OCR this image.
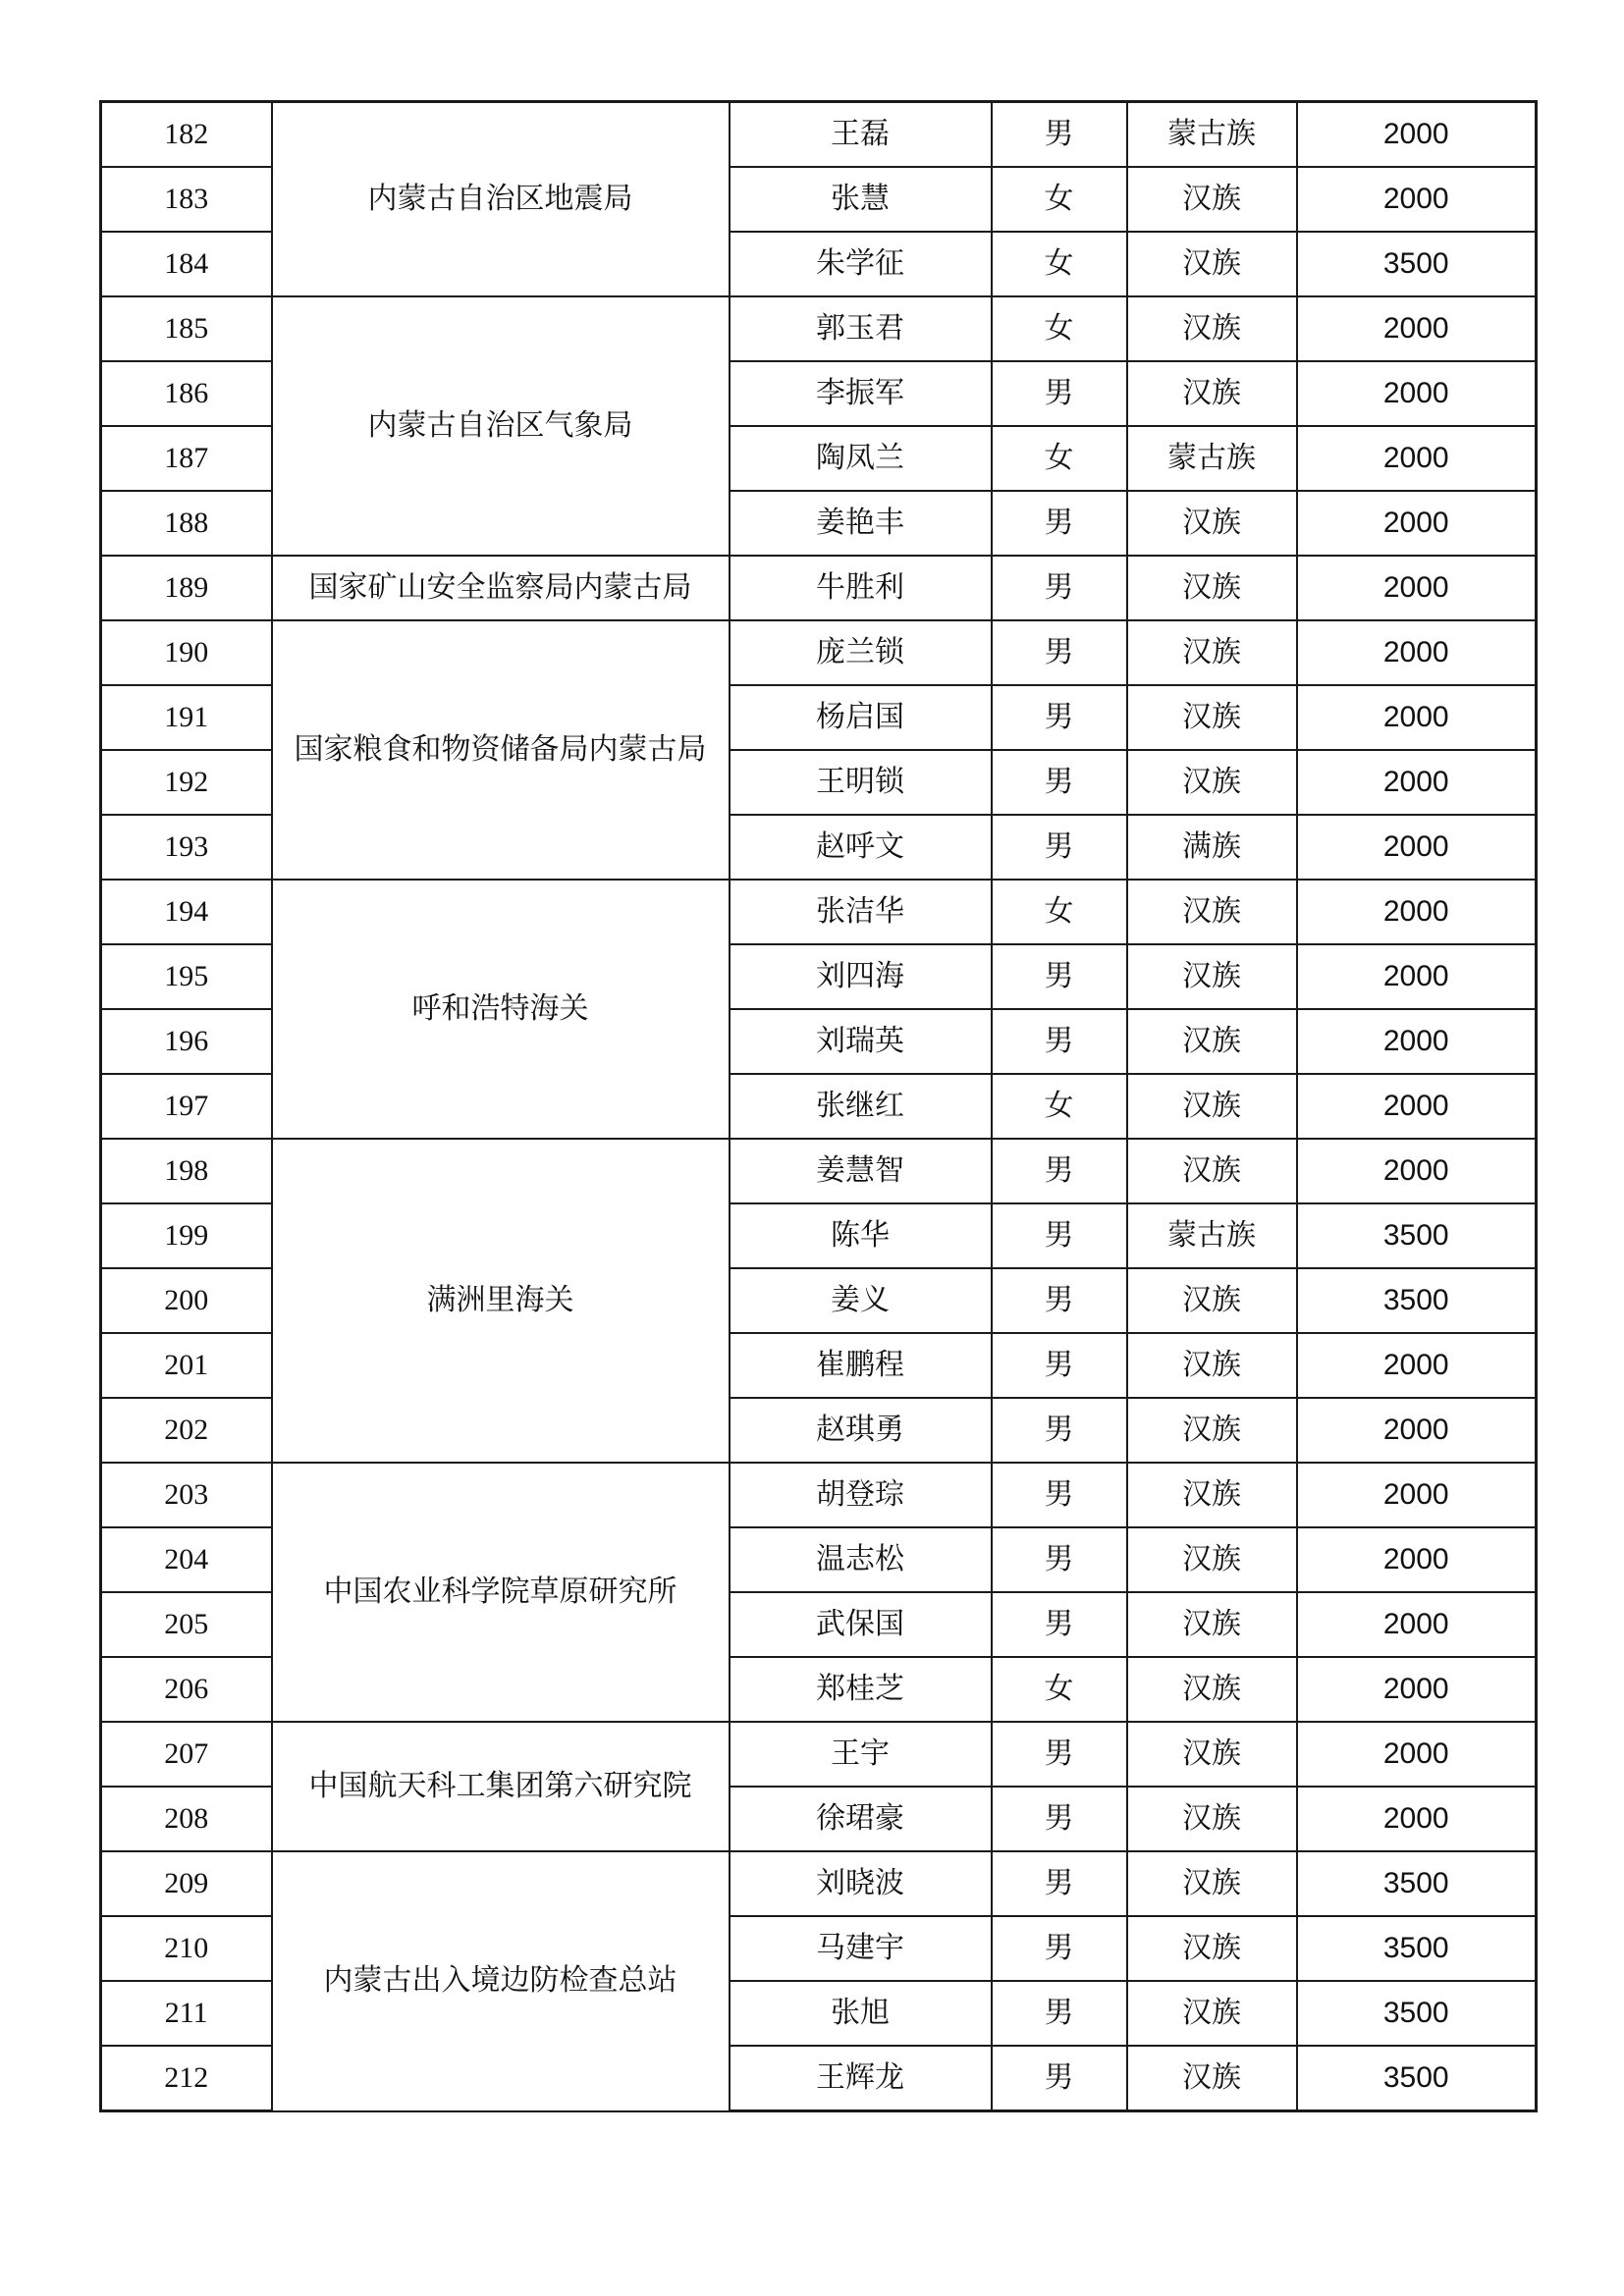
182	内蒙古自治区地震局	王磊	男	蒙古族	2000
183		张慧	女	汉族	2000
184		朱学征	女	汉族	3500
185	内蒙古自治区气象局	郭玉君	女	汉族	2000
186		李振军	男	汉族	2000
187		陶凤兰	女	蒙古族	2000
188		姜艳丰	男	汉族	2000
189	国家矿山安全监察局内蒙古局	牛胜利	男	汉族	2000
190	国家粮食和物资储备局内蒙古局	庞兰锁	男	汉族	2000
191		杨启国	男	汉族	2000
192		王明锁	男	汉族	2000
193		赵呼文	男	满族	2000
194	呼和浩特海关	张洁华	女	汉族	2000
195		刘四海	男	汉族	2000
196		刘瑞英	男	汉族	2000
197		张继红	女	汉族	2000
198	满洲里海关	姜慧智	男	汉族	2000
199		陈华	男	蒙古族	3500
200		姜义	男	汉族	3500
201		崔鹏程	男	汉族	2000
202		赵琪勇	男	汉族	2000
203	中国农业科学院草原研究所	胡登琮	男	汉族	2000
204		温志松	男	汉族	2000
205		武保国	男	汉族	2000
206		郑桂芝	女	汉族	2000
207	中国航天科工集团第六研究院	王宇	男	汉族	2000
208		徐珺豪	男	汉族	2000
209	内蒙古出入境边防检查总站	刘晓波	男	汉族	3500
210		马建宇	男	汉族	3500
211		张旭	男	汉族	3500
212		王辉龙	男	汉族	3500
